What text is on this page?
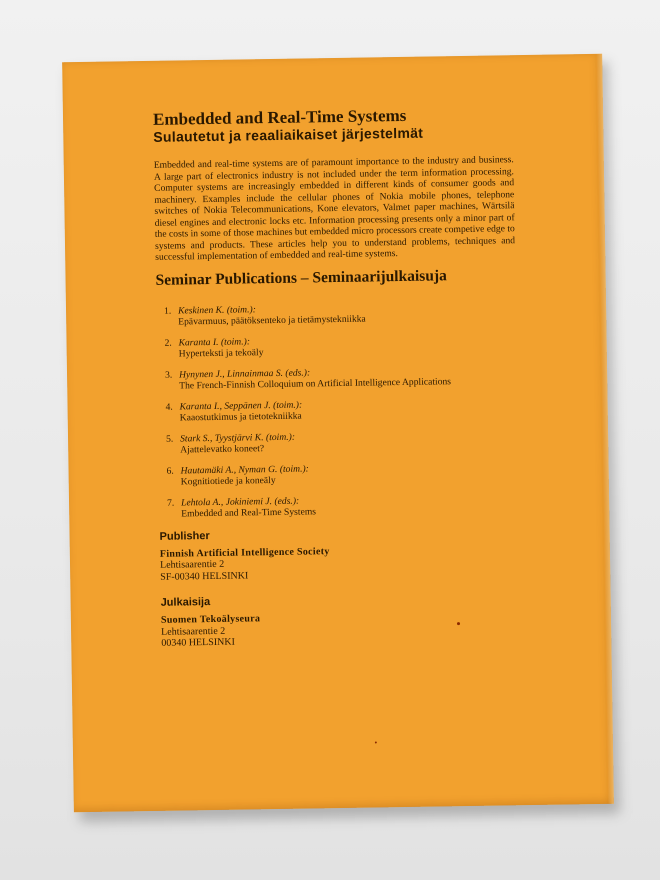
Embedded and Real-Time Systems
Sulautetut ja reaaliaikaiset järjestelmät

Embedded and real-time systems are of paramount importance to the industry and business. A large part of electronics industry is not included under the term information processing. Computer systems are increasingly embedded in different kinds of consumer goods and machinery. Examples include the cellular phones of Nokia mobile phones, telephone switches of Nokia Telecommunications, Kone elevators, Valmet paper machines, Wärtsilä diesel engines and electronic locks etc. Information processing presents only a minor part of the costs in some of those machines but embedded micro processors create competive edge to systems and products. These articles help you to understand problems, techniques and successful implementation of embedded and real-time systems.

Seminar Publications – Seminaarijulkaisuja
1. Keskinen K. (toim.):
Epävarmuus, päätöksenteko ja tietämystekniikka
2. Karanta I. (toim.):
Hyperteksti ja tekoäly
3. Hynynen J., Linnainmaa S. (eds.):
The French-Finnish Colloquium on Artificial Intelligence Applications
4. Karanta I., Seppänen J. (toim.):
Kaaostutkimus ja tietotekniikka
5. Stark S., Tyystjärvi K. (toim.):
Ajattelevatko koneet?
6. Hautamäki A., Nyman G. (toim.):
Kognitiotiede ja koneäly
7. Lehtola A., Jokiniemi J. (eds.):
Embedded and Real-Time Systems
Publisher
Finnish Artificial Intelligence Society
Lehtisaarentie 2
SF-00340 HELSINKI
Julkaisija
Suomen Tekoälyseura
Lehtisaarentie 2
00340 HELSINKI
